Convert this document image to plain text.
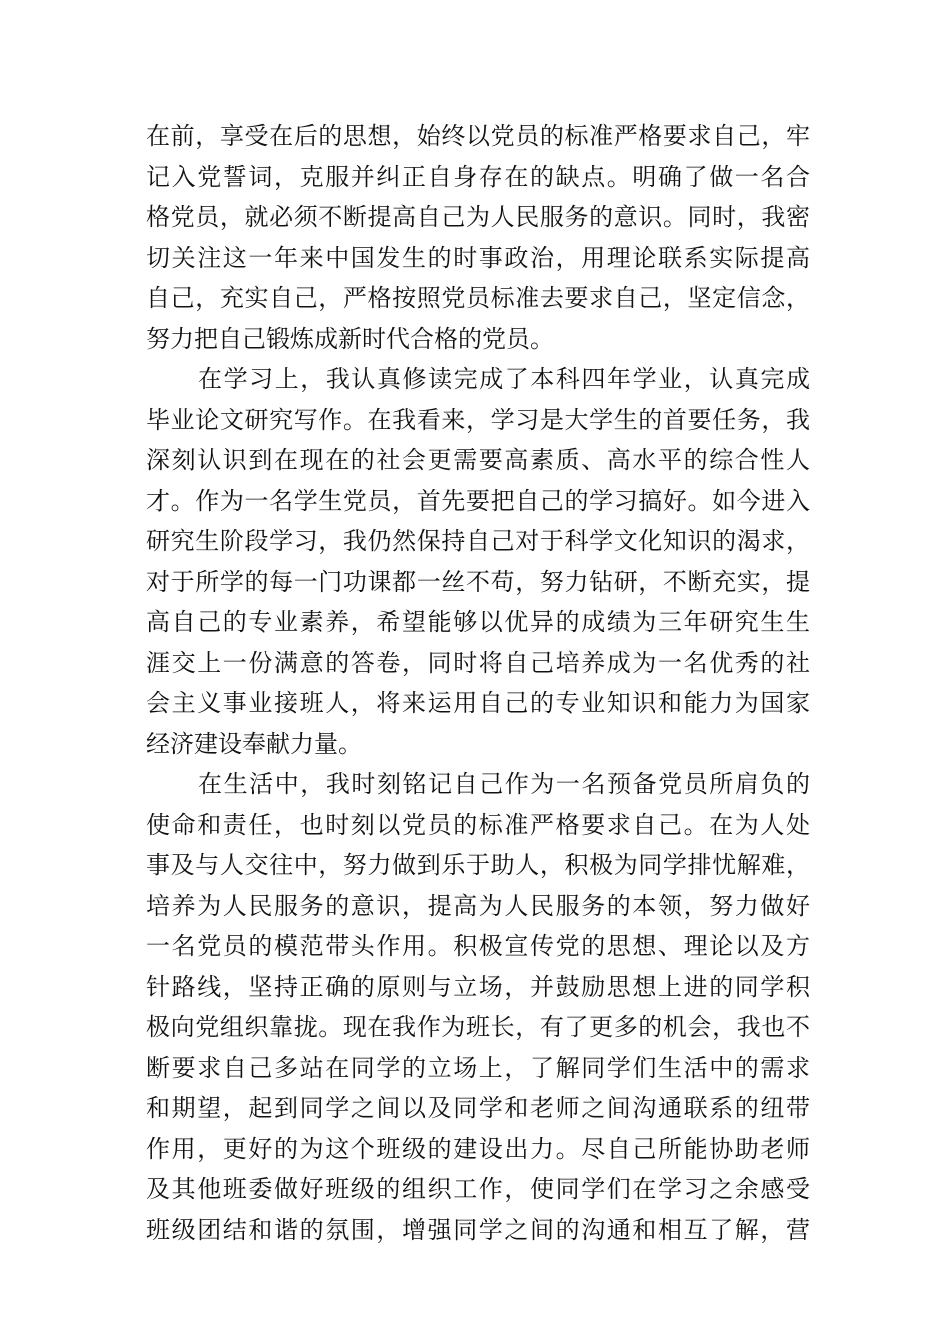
在前，享受在后的思想，始终以党员的标准严格要求自己，牢
记入党誓词，克服并纠正自身存在的缺点。明确了做一名合
格党员，就必须不断提高自己为人民服务的意识。同时，我密
切关注这一年来中国发生的时事政治，用理论联系实际提高
自己，充实自己，严格按照党员标准去要求自己，坚定信念，
努力把自己锻炼成新时代合格的党员。
在学习上，我认真修读完成了本科四年学业，认真完成
毕业论文研究写作。在我看来，学习是大学生的首要任务，我
深刻认识到在现在的社会更需要高素质、高水平的综合性人
才。作为一名学生党员，首先要把自己的学习搞好。如今进入
研究生阶段学习，我仍然保持自己对于科学文化知识的渴求，
对于所学的每一门功课都一丝不苟，努力钻研，不断充实，提
高自己的专业素养，希望能够以优异的成绩为三年研究生生
涯交上一份满意的答卷，同时将自己培养成为一名优秀的社
会主义事业接班人，将来运用自己的专业知识和能力为国家
经济建设奉献力量。
在生活中，我时刻铭记自己作为一名预备党员所肩负的
使命和责任，也时刻以党员的标准严格要求自己。在为人处
事及与人交往中，努力做到乐于助人，积极为同学排忧解难，
培养为人民服务的意识，提高为人民服务的本领，努力做好
一名党员的模范带头作用。积极宣传党的思想、理论以及方
针路线，坚持正确的原则与立场，并鼓励思想上进的同学积
极向党组织靠拢。现在我作为班长，有了更多的机会，我也不
断要求自己多站在同学的立场上，了解同学们生活中的需求
和期望，起到同学之间以及同学和老师之间沟通联系的纽带
作用，更好的为这个班级的建设出力。尽自己所能协助老师
及其他班委做好班级的组织工作，使同学们在学习之余感受
班级团结和谐的氛围，增强同学之间的沟通和相互了解，营
